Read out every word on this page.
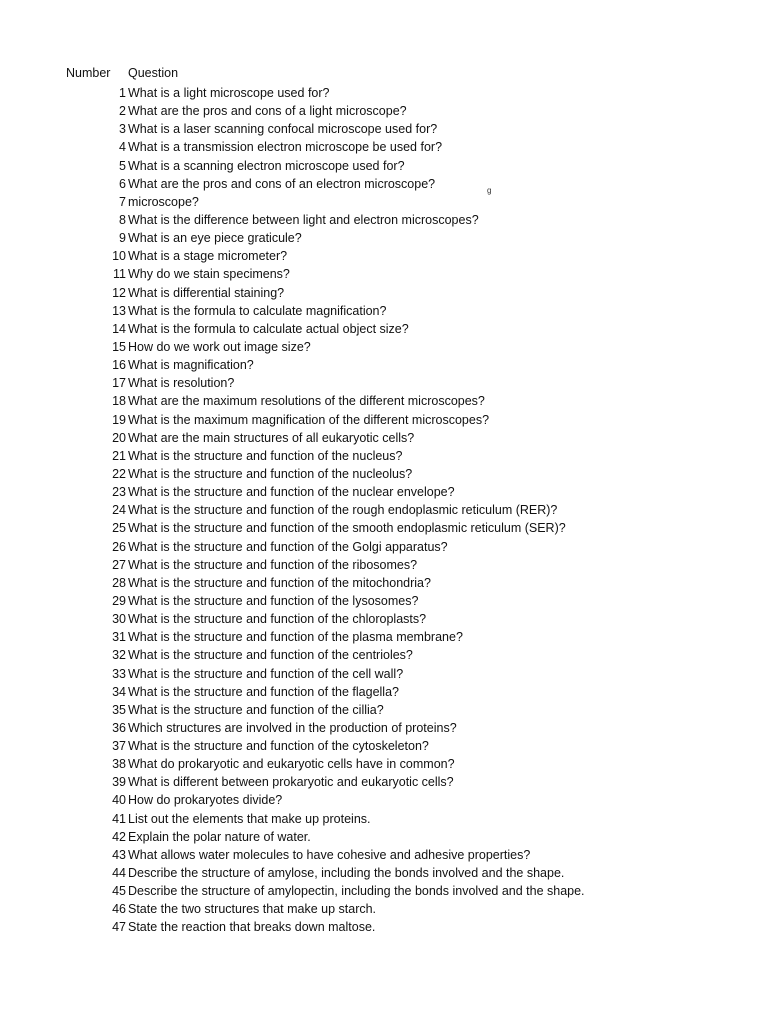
Number Question
g
1 What is a light microscope used for?
2 What are the pros and cons of a light microscope?
3 What is a laser scanning confocal microscope used for?
4 What is a transmission electron microscope be used for?
5 What is a scanning electron microscope used for?
6 What are the pros and cons of an electron microscope?
7 microscope?
8 What is the difference between light and electron microscopes?
9 What is an eye piece graticule?
10 What is a stage micrometer?
11 Why do we stain specimens?
12 What is differential staining?
13 What is the formula to calculate magnification?
14 What is the formula to calculate actual object size?
15 How do we work out image size?
16 What is magnification?
17 What is resolution?
18 What are the maximum resolutions of the different microscopes?
19 What is the maximum magnification of the different microscopes?
20 What are the main structures of all eukaryotic cells?
21 What is the structure and function of the nucleus?
22 What is the structure and function of the nucleolus?
23 What is the structure and function of the nuclear envelope?
24 What is the structure and function of the rough endoplasmic reticulum (RER)?
25 What is the structure and function of the smooth endoplasmic reticulum (SER)?
26 What is the structure and function of the Golgi apparatus?
27 What is the structure and function of the ribosomes?
28 What is the structure and function of the mitochondria?
29 What is the structure and function of the lysosomes?
30 What is the structure and function of the chloroplasts?
31 What is the structure and function of the plasma membrane?
32 What is the structure and function of the centrioles?
33 What is the structure and function of the cell wall?
34 What is the structure and function of the flagella?
35 What is the structure and function of the cillia?
36 Which structures are involved in the production of proteins?
37 What is the structure and function of the cytoskeleton?
38 What do prokaryotic and eukaryotic cells have in common?
39 What is different between prokaryotic and eukaryotic cells?
40 How do prokaryotes divide?
41 List out the elements that make up proteins.
42 Explain the polar nature of water.
43 What allows water molecules to have cohesive and adhesive properties?
44 Describe the structure of amylose, including the bonds involved and the shape.
45 Describe the structure of amylopectin, including the bonds involved and the shape.
46 State the two structures that make up starch.
47 State the reaction that breaks down maltose.
